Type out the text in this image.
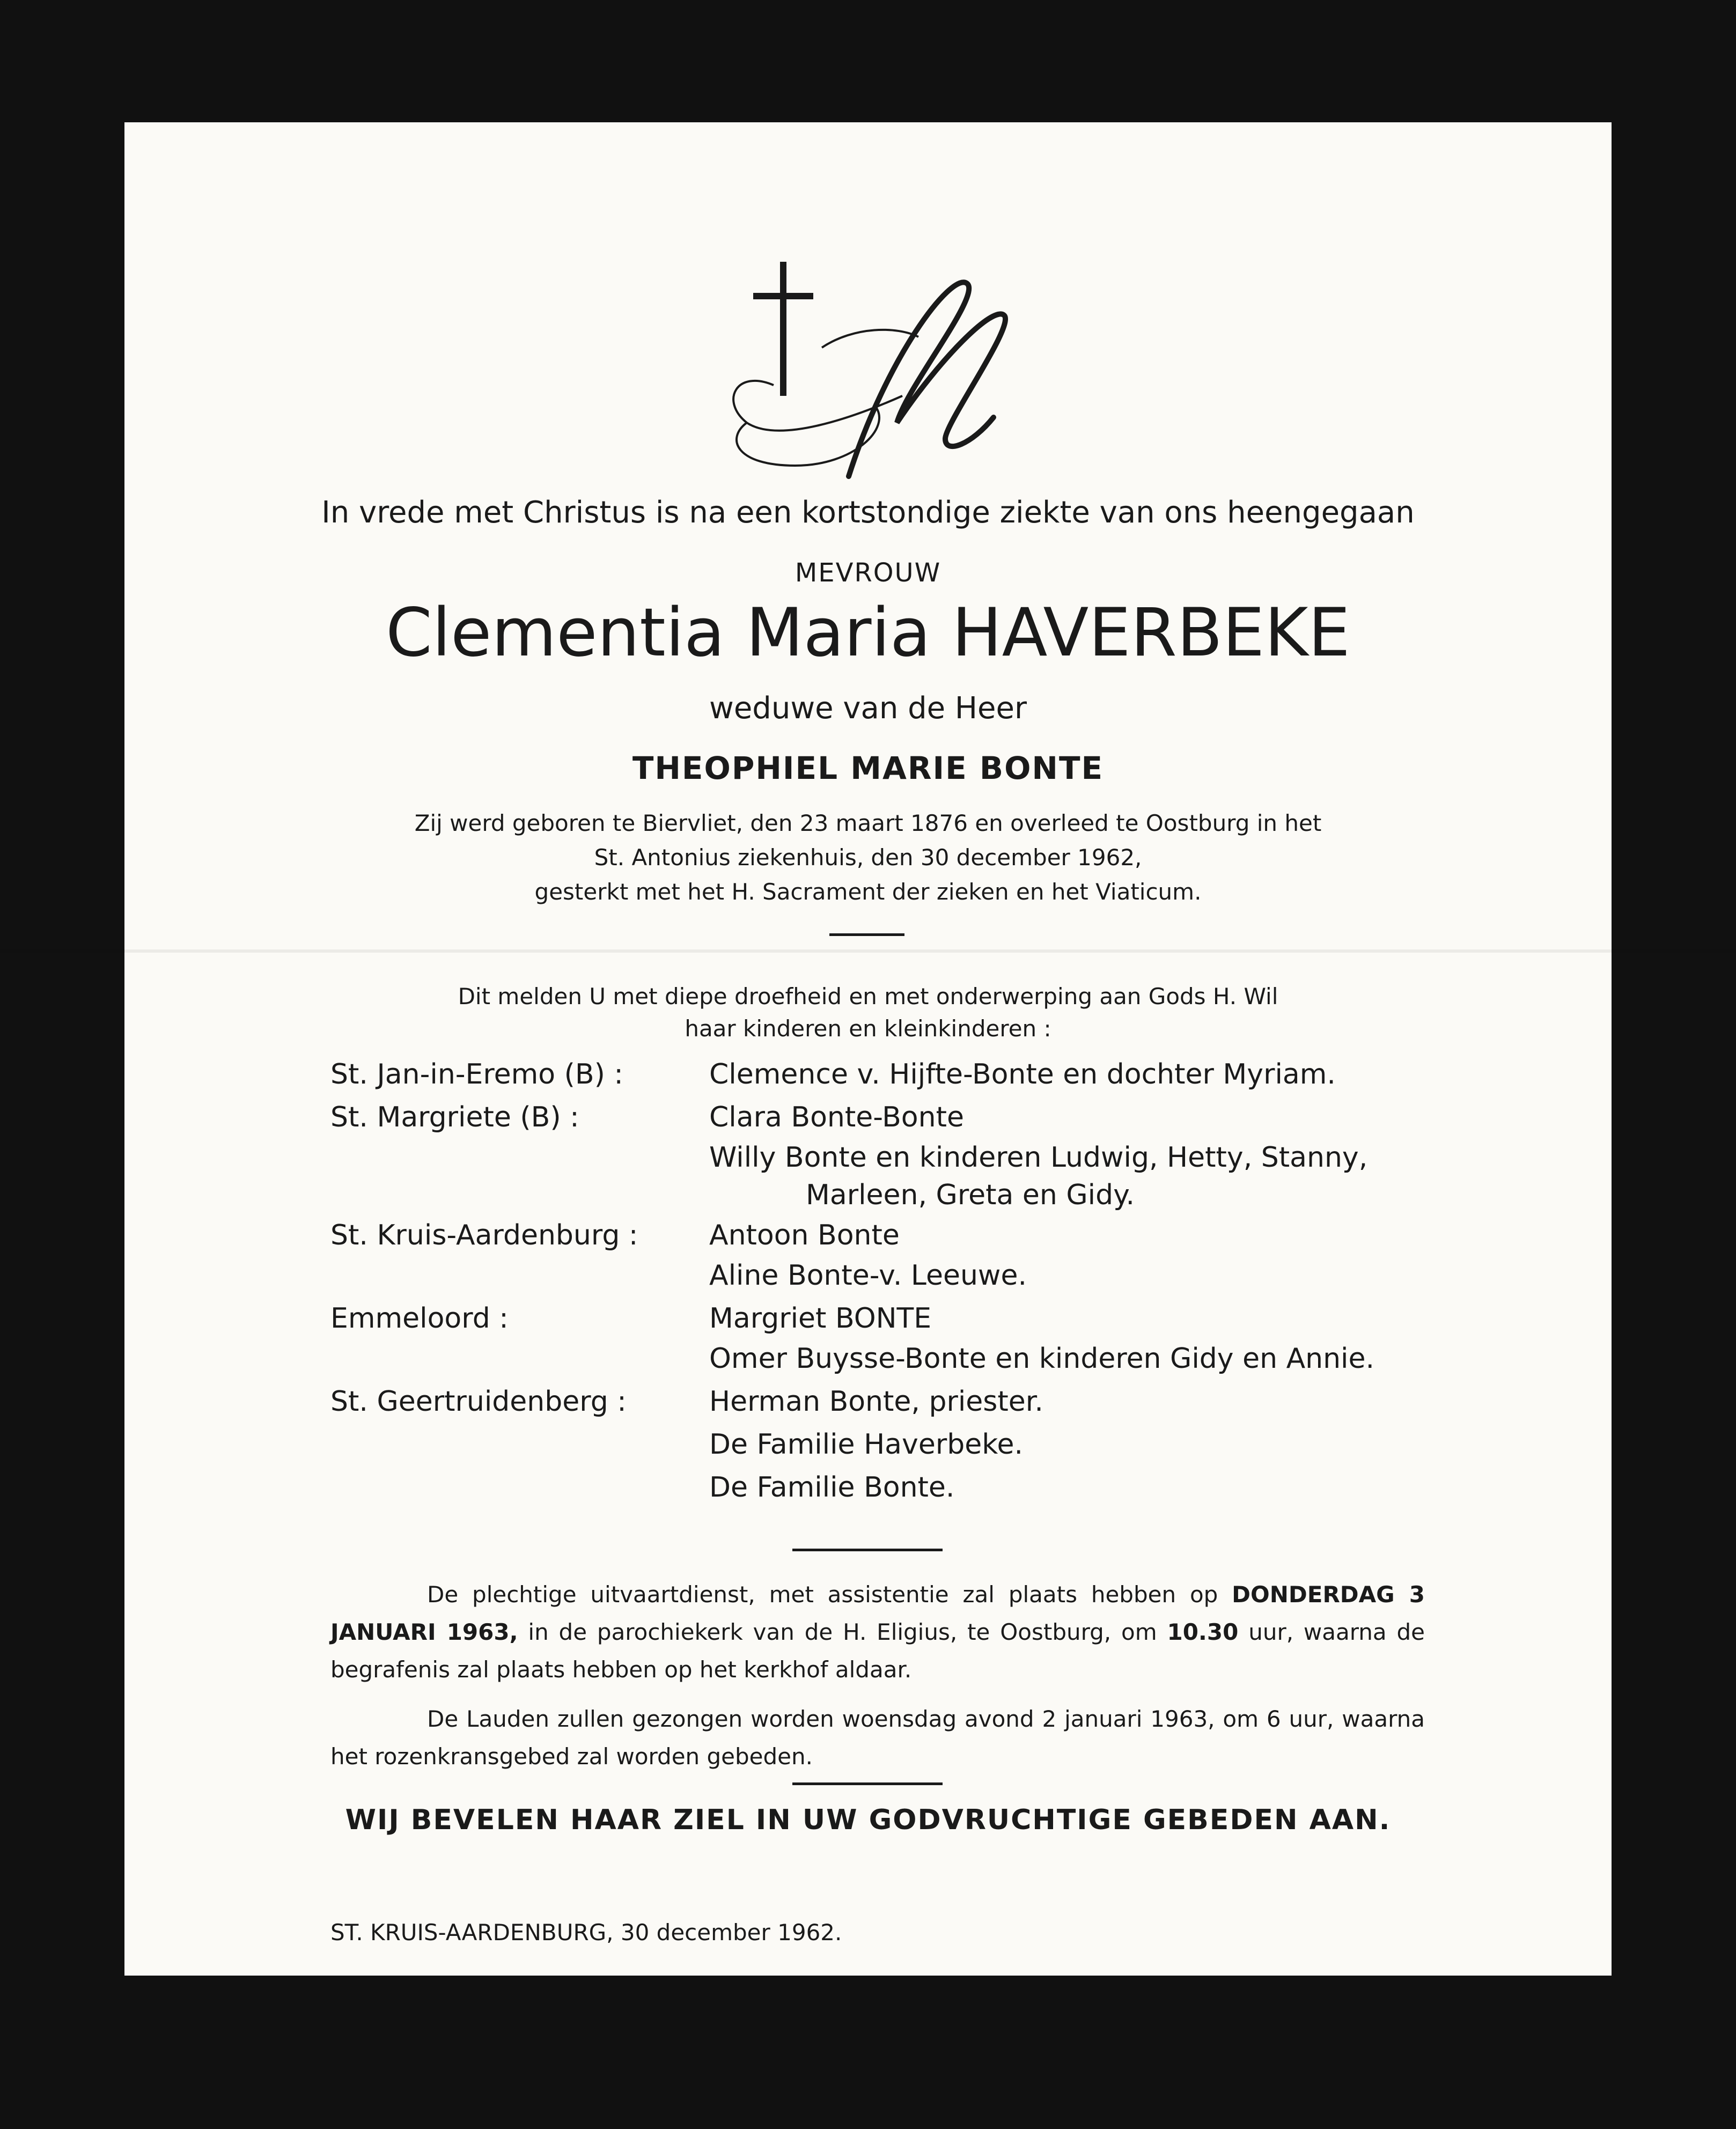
In vrede met Christus is na een kortstondige ziekte van ons heengegaan
MEVROUW
Clementia Maria HAVERBEKE
weduwe van de Heer
THEOPHIEL MARIE BONTE
Zij werd geboren te Biervliet, den 23 maart 1876 en overleed te Oostburg in het
St. Antonius ziekenhuis, den 30 december 1962,
gesterkt met het H. Sacrament der zieken en het Viaticum.
Dit melden U met diepe droefheid en met onderwerping aan Gods H. Wil
haar kinderen en kleinkinderen :
St. Jan-in-Eremo (B) :	Clemence v. Hijfte-Bonte en dochter Myriam.
St. Margriete (B) :	Clara Bonte-Bonte
Willy Bonte en kinderen Ludwig, Hetty, Stanny,
Marleen, Greta en Gidy.
St. Kruis-Aardenburg :	Antoon Bonte
Aline Bonte-v. Leeuwe.
Emmeloord :	Margriet BONTE
Omer Buysse-Bonte en kinderen Gidy en Annie.
St. Geertruidenberg :	Herman Bonte, priester.
De Familie Haverbeke.
De Familie Bonte.

De plechtige uitvaartdienst, met assistentie zal plaats hebben op DONDERDAG 3 JANUARI 1963, in de parochiekerk van de H. Eligius, te Oostburg, om 10.30 uur, waarna de begrafenis zal plaats hebben op het kerkhof aldaar.

De Lauden zullen gezongen worden woensdag avond 2 januari 1963, om 6 uur, waarna het rozenkransgebed zal worden gebeden.

WIJ BEVELEN HAAR ZIEL IN UW GODVRUCHTIGE GEBEDEN AAN.
ST. KRUIS-AARDENBURG, 30 december 1962.
